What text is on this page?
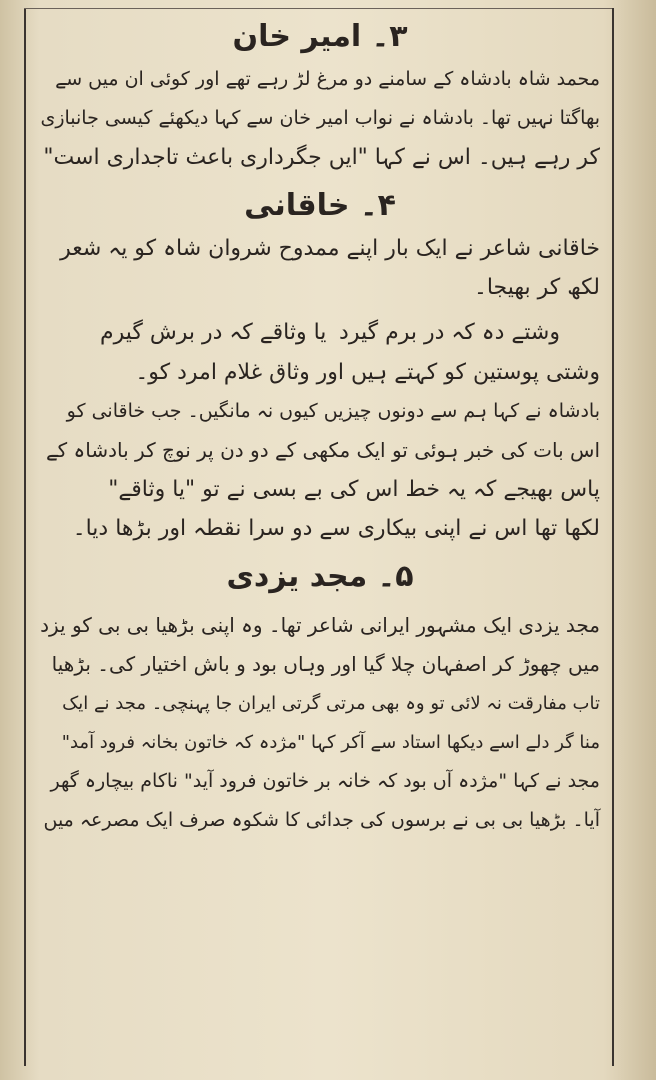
۳۔ امیر خان
محمد شاہ بادشاہ کے سامنے دو مرغ لڑ رہے تھے اور کوئی ان میں سے
بھاگتا نہیں تھا۔ بادشاہ نے نواب امیر خان سے کہا دیکھئے کیسی جانبازی
کر رہے ہیں۔ اس نے کہا "ایں جگرداری باعث تاجداری است"
۴۔ خاقانی
خاقانی شاعر نے ایک بار اپنے ممدوح شروان شاہ کو یہ شعر
لکھ کر بھیجا۔
وشتے دہ کہ در برم گیرد
یا وثاقے کہ در برش گیرم
وشتی پوستین کو کہتے ہیں اور وثاق غلام امرد کو۔
بادشاہ نے کہا ہم سے دونوں چیزیں کیوں نہ مانگیں۔ جب خاقانی کو
اس بات کی خبر ہوئی تو ایک مکھی کے دو دن پر نوچ کر بادشاہ کے
پاس بھیجے کہ یہ خط اس کی بے بسی نے تو "یا وثاقے"
لکھا تھا اس نے اپنی بیکاری سے دو سرا نقطہ اور بڑھا دیا۔
۵۔ مجد یزدی
مجد یزدی ایک مشہور ایرانی شاعر تھا۔ وہ اپنی بڑھیا بی بی کو یزد
میں چھوڑ کر اصفہان چلا گیا اور وہاں بود و باش اختیار کی۔ بڑھیا
تاب مفارقت نہ لائی تو وہ بھی مرتی گرتی ایران جا پہنچی۔ مجد نے ایک
منا گر دلے اسے دیکھا استاد سے آکر کہا "مژدہ کہ خاتون بخانہ فرود آمد"
مجد نے کہا "مژدہ آں بود کہ خانہ بر خاتون فرود آید" ناکام بیچارہ گھر
آیا۔ بڑھیا بی بی نے برسوں کی جدائی کا شکوہ صرف ایک مصرعہ میں
